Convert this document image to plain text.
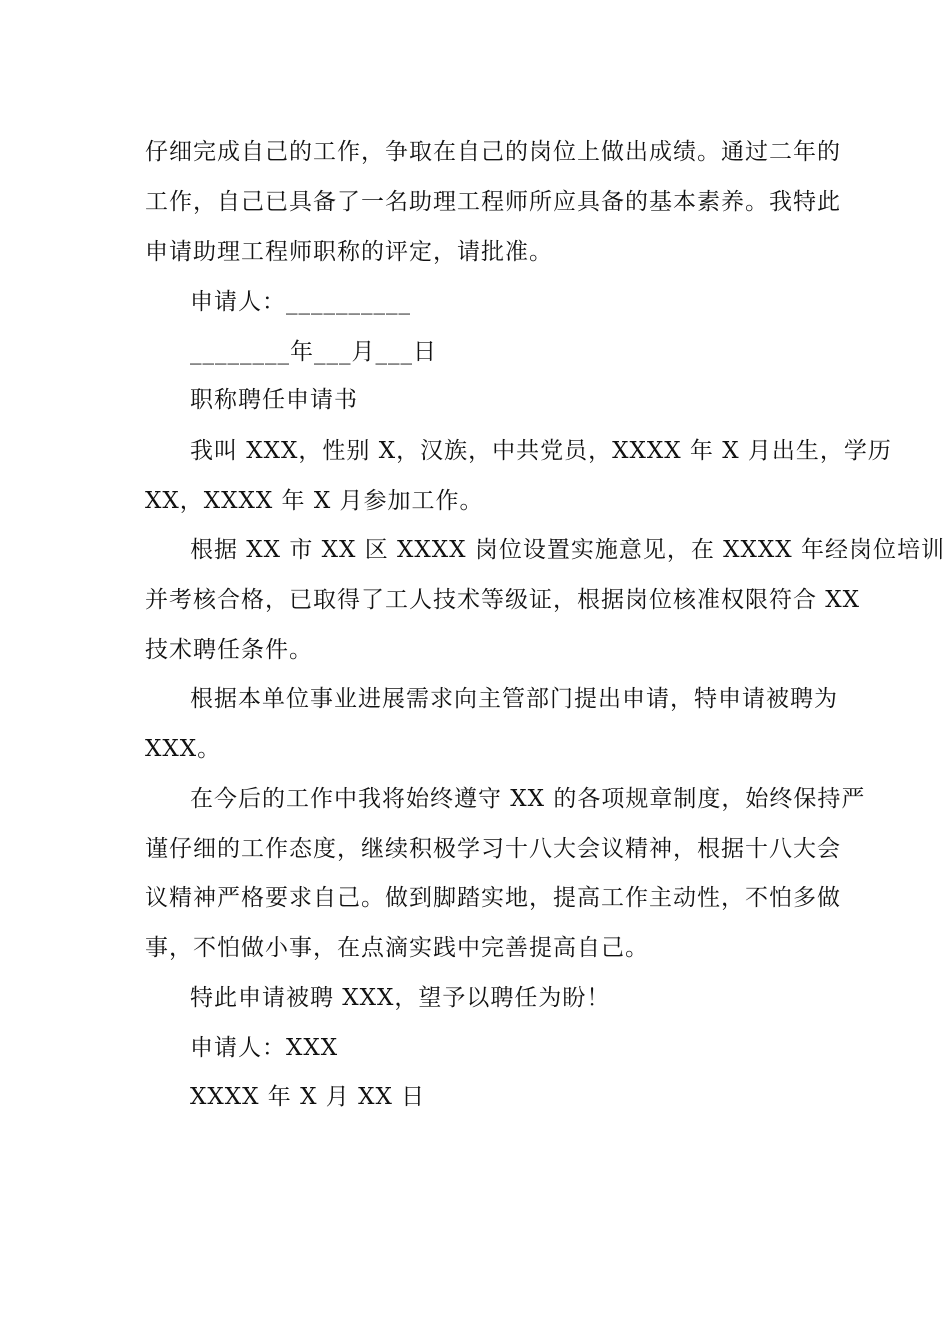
仔细完成自己的工作，争取在自己的岗位上做出成绩。通过二年的

工作，自己已具备了一名助理工程师所应具备的基本素养。我特此

申请助理工程师职称的评定，请批准。

申请人：__________

________年___月___日

职称聘任申请书

我叫 XXX，性别 X，汉族，中共党员，XXXX 年 X 月出生，学历

XX，XXXX 年 X 月参加工作。

根据 XX 市 XX 区 XXXX 岗位设置实施意见，在 XXXX 年经岗位培训

并考核合格，已取得了工人技术等级证，根据岗位核准权限符合 XX

技术聘任条件。

根据本单位事业进展需求向主管部门提出申请，特申请被聘为

XXX。

在今后的工作中我将始终遵守 XX 的各项规章制度，始终保持严

谨仔细的工作态度，继续积极学习十八大会议精神，根据十八大会

议精神严格要求自己。做到脚踏实地，提高工作主动性，不怕多做

事，不怕做小事，在点滴实践中完善提高自己。

特此申请被聘 XXX，望予以聘任为盼！

申请人：XXX

XXXX 年 X 月 XX 日
